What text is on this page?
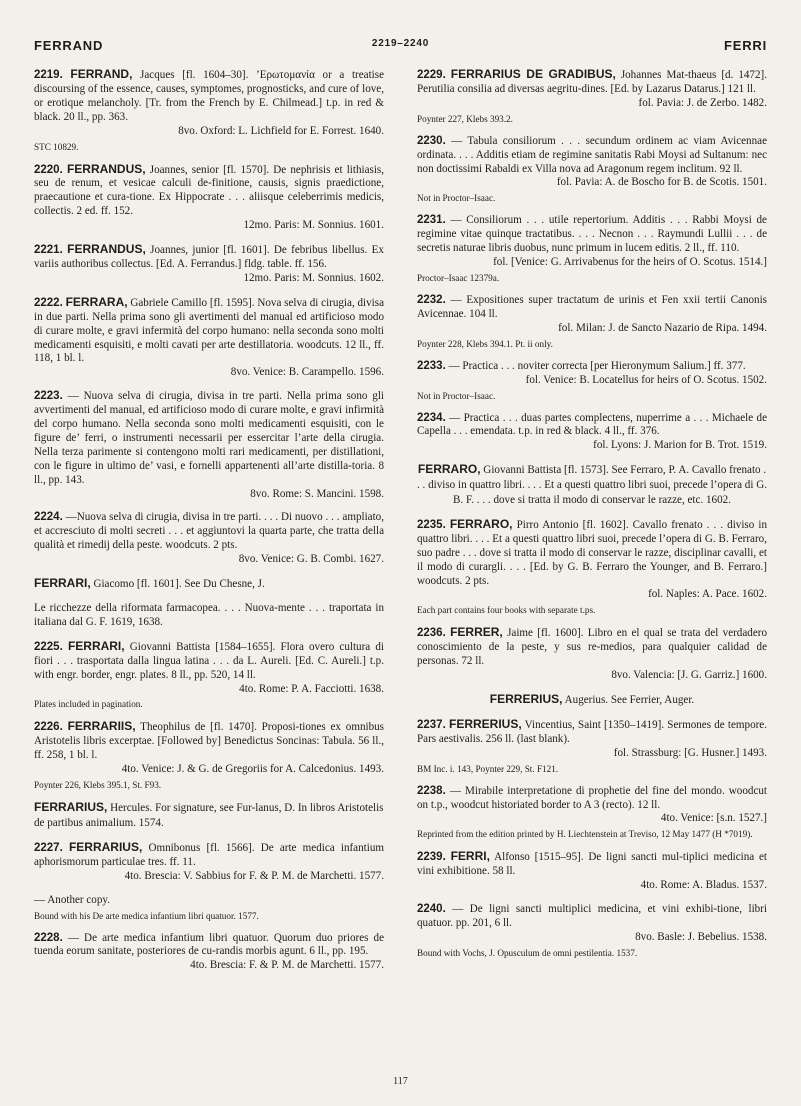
FERRAND	2219–2240	FERRI

2219. FERRAND, Jacques [fl. 1604–30]. ’Ερωτομανία or a treatise discoursing of the essence, causes, symptomes, prognosticks, and cure of love, or erotique melancholy. [Tr. from the French by E. Chilmead.] t.p. in red & black. 20 ll., pp. 363.

8vo. Oxford: L. Lichfield for E. Forrest. 1640.

STC 10829.

2220. FERRANDUS, Joannes, senior [fl. 1570]. De nephrisis et lithiasis, seu de renum, et vesicae calculi de-finitione, causis, signis praedictione, praecautione et cura-tione. Ex Hippocrate . . . aliisque celeberrimis medicis, collectis. 2 ed. ff. 152.

12mo. Paris: M. Sonnius. 1601.

2221. FERRANDUS, Joannes, junior [fl. 1601]. De febribus libellus. Ex variis authoribus collectus. [Ed. A. Ferrandus.] fldg. table. ff. 156.

12mo. Paris: M. Sonnius. 1602.

2222. FERRARA, Gabriele Camillo [fl. 1595]. Nova selva di cirugia, divisa in due parti. Nella prima sono gli avertimenti del manual ed artificioso modo di curare molte, e gravi infermità del corpo humano: nella seconda sono molti medicamenti esquisiti, e molti cavati per arte destillatoria. woodcuts. 12 ll., ff. 118, 1 bl. l.

8vo. Venice: B. Carampello. 1596.

2223. — Nuova selva di cirugia, divisa in tre parti. Nella prima sono gli avvertimenti del manual, ed artificioso modo di curare molte, e gravi infirmità del corpo humano. Nella seconda sono molti medicamenti esquisiti, con le figure de’ ferri, o instrumenti necessarii per essercitar l’arte della cirugia. Nella terza parimente si contengono molti rari medicamenti, per distillationi, con le figure in ultimo de’ vasi, e fornelli appartenenti all’arte distilla-toria. 8 ll., pp. 143.

8vo. Rome: S. Mancini. 1598.

2224. —Nuova selva di cirugia, divisa in tre parti. . . . Di nuovo . . . ampliato, et accresciuto di molti secreti . . . et aggiuntovi la quarta parte, che tratta della qualità et rimedij della peste. woodcuts. 2 pts.

8vo. Venice: G. B. Combi. 1627.

FERRARI, Giacomo [fl. 1601]. See Du Chesne, J.

Le ricchezze della riformata farmacopea. . . . Nuova-mente . . . traportata in italiana dal G. F. 1619, 1638.

2225. FERRARI, Giovanni Battista [1584–1655]. Flora overo cultura di fiori . . . trasportata dalla lingua latina . . . da L. Aureli. [Ed. C. Aureli.] t.p. with engr. border, engr. plates. 8 ll., pp. 520, 14 ll.

4to. Rome: P. A. Facciotti. 1638.

Plates included in pagination.

2226. FERRARIIS, Theophilus de [fl. 1470]. Proposi-tiones ex omnibus Aristotelis libris excerptae. [Followed by] Benedictus Soncinas: Tabula. 56 ll., ff. 258, 1 bl. l.

4to. Venice: J. & G. de Gregoriis for A. Calcedonius. 1493.

Poynter 226, Klebs 395.1, St. F93.

FERRARIUS, Hercules. For signature, see Fur-lanus, D. In libros Aristotelis de partibus animalium. 1574.

2227. FERRARIUS, Omnibonus [fl. 1566]. De arte medica infantium aphorismorum particulae tres. ff. 11.

4to. Brescia: V. Sabbius for F. & P. M. de Marchetti. 1577.

— Another copy.

Bound with his De arte medica infantium libri quatuor. 1577.

2228. — De arte medica infantium libri quatuor. Quorum duo priores de tuenda eorum sanitate, posteriores de cu-randis morbis agunt. 6 ll., pp. 195.

4to. Brescia: F. & P. M. de Marchetti. 1577.

2229. FERRARIUS DE GRADIBUS, Johannes Mat-thaeus [d. 1472]. Perutilia consilia ad diversas aegritu-dines. [Ed. by Lazarus Datarus.] 121 ll.

fol. Pavia: J. de Zerbo. 1482.

Poynter 227, Klebs 393.2.

2230. — Tabula consiliorum . . . secundum ordinem ac viam Avicennae ordinata. . . . Additis etiam de regimine sanitatis Rabi Moysi ad Sultanum: nec non doctissimi Rabaldi ex Villa nova ad Aragonum regem inclitum. 92 ll.

fol. Pavia: A. de Boscho for B. de Scotis. 1501.

Not in Proctor–Isaac.

2231. — Consiliorum . . . utile repertorium. Additis . . . Rabbi Moysi de regimine vitae quinque tractatibus. . . . Necnon . . . Raymundi Lullii . . . de secretis naturae libris duobus, nunc primum in lucem editis. 2 ll., ff. 110.

fol. [Venice: G. Arrivabenus for the heirs of O. Scotus. 1514.]

Proctor–Isaac 12379a.

2232. — Expositiones super tractatum de urinis et Fen xxii tertii Canonis Avicennae. 104 ll.

fol. Milan: J. de Sancto Nazario de Ripa. 1494.

Poynter 228, Klebs 394.1. Pt. ii only.

2233. — Practica . . . noviter correcta [per Hieronymum Salium.] ff. 377.

fol. Venice: B. Locatellus for heirs of O. Scotus. 1502.

Not in Proctor–Isaac.

2234. — Practica . . . duas partes complectens, nuperrime a . . . Michaele de Capella . . . emendata. t.p. in red & black. 4 ll., ff. 376.

fol. Lyons: J. Marion for B. Trot. 1519.

FERRARO, Giovanni Battista [fl. 1573]. See Ferraro, P. A. Cavallo frenato . . . diviso in quattro libri. . . . Et a questi quattro libri suoi, precede l’opera di G. B. F. . . . dove si tratta il modo di conservar le razze, etc. 1602.

2235. FERRARO, Pirro Antonio [fl. 1602]. Cavallo frenato . . . diviso in quattro libri. . . . Et a questi quattro libri suoi, precede l’opera di G. B. Ferraro, suo padre . . . dove si tratta il modo di conservar le razze, disciplinar cavalli, et il modo di curargli. . . . [Ed. by G. B. Ferraro the Younger, and B. Ferraro.] woodcuts. 2 pts.

fol. Naples: A. Pace. 1602.

Each part contains four books with separate t.ps.

2236. FERRER, Jaime [fl. 1600]. Libro en el qual se trata del verdadero conoscimiento de la peste, y sus re-medios, para qualquier calidad de personas. 72 ll.

8vo. Valencia: [J. G. Garriz.] 1600.

FERRERIUS, Augerius. See Ferrier, Auger.

2237. FERRERIUS, Vincentius, Saint [1350–1419]. Sermones de tempore. Pars aestivalis. 256 ll. (last blank).

fol. Strassburg: [G. Husner.] 1493.

BM Inc. i. 143, Poynter 229, St. F121.

2238. — Mirabile interpretatione di prophetie del fine del mondo. woodcut on t.p., woodcut historiated border to A 3 (recto). 12 ll.

4to. Venice: [s.n. 1527.]

Reprinted from the edition printed by H. Liechtenstein at Treviso, 12 May 1477 (H *7019).

2239. FERRI, Alfonso [1515–95]. De ligni sancti mul-tiplici medicina et vini exhibitione. 58 ll.

4to. Rome: A. Bladus. 1537.

2240. — De ligni sancti multiplici medicina, et vini exhibi-tione, libri quatuor. pp. 201, 6 ll.

8vo. Basle: J. Bebelius. 1538.

Bound with Vochs, J. Opusculum de omni pestilentia. 1537.

117
